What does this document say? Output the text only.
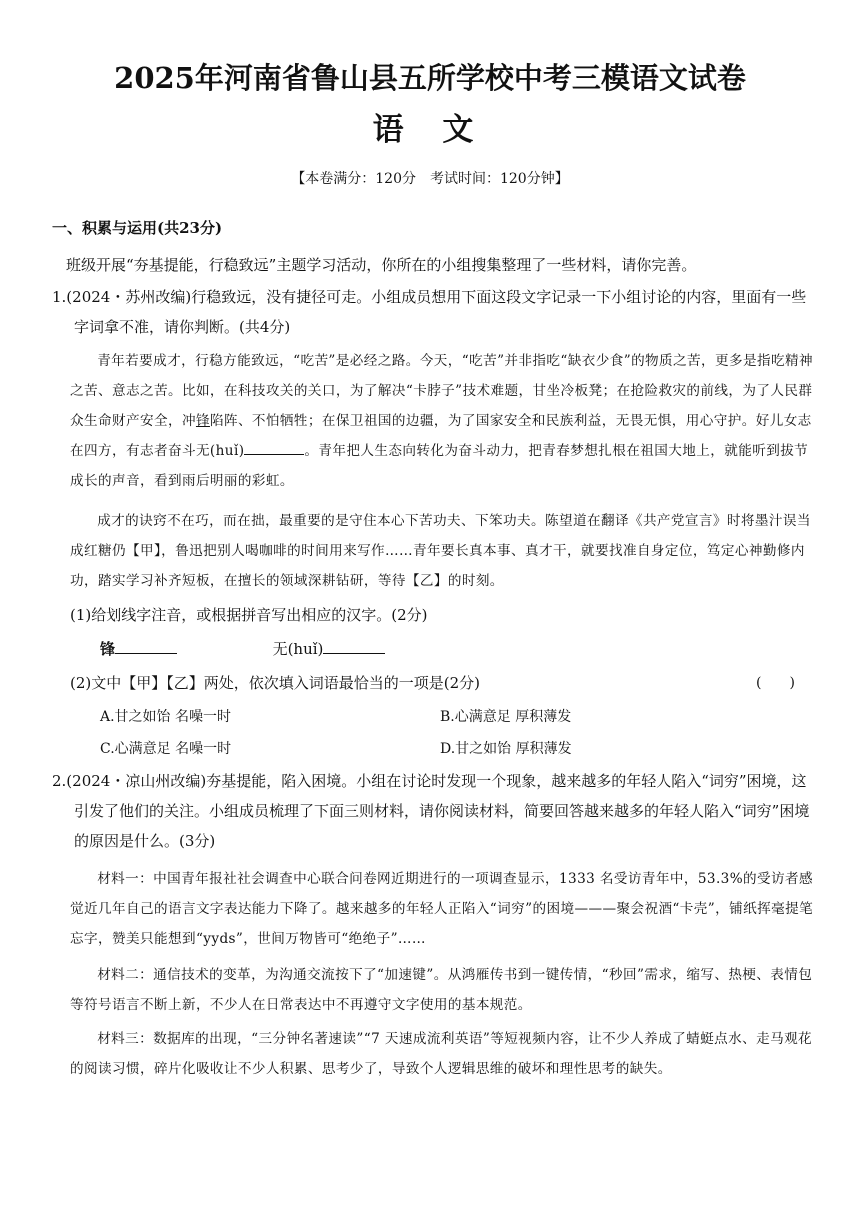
2025年河南省鲁山县五所学校中考三模语文试卷
语 文
【本卷满分：120分　考试时间：120分钟】
一、积累与运用(共23分)
班级开展“夯基提能，行稳致远”主题学习活动，你所在的小组搜集整理了一些材料，请你完善。
1.(2024・苏州改编)行稳致远，没有捷径可走。小组成员想用下面这段文字记录一下小组讨论的内容，里面有一些字词拿不准，请你判断。(共4分)
青年若要成才，行稳方能致远，“吃苦”是必经之路。今天，“吃苦”并非指吃“缺衣少食”的物质之苦，更多是指吃精神之苦、意志之苦。比如，在科技攻关的关口，为了解决“卡脖子”技术难题，甘坐冷板凳；在抢险救灾的前线，为了人民群众生命财产安全，冲锋陷阵、不怕牺牲；在保卫祖国的边疆，为了国家安全和民族利益，无畏无惧，用心守护。好儿女志在四方，有志者奋斗无(huǐ)	。青年把人生态向转化为奋斗动力，把青春梦想扎根在祖国大地上，就能听到拔节成长的声音，看到雨后明丽的彩虹。
成才的诀窍不在巧，而在拙，最重要的是守住本心下苦功夫、下笨功夫。陈望道在翻译《共产党宣言》时将墨汁误当成红糖仍【甲】，鲁迅把别人喝咖啡的时间用来写作……青年要长真本事、真才干，就要找准自身定位，笃定心神勤修内功，踏实学习补齐短板，在擅长的领域深耕钻研，等待【乙】的时刻。
(1)给划线字注音，或根据拼音写出相应的汉字。(2分)
锋	无(huǐ)
(2)文中【甲】【乙】两处，依次填入词语最恰当的一项是(2分)	(　　)
A.甘之如饴 名噪一时	B.心满意足 厚积薄发
C.心满意足 名噪一时	D.甘之如饴 厚积薄发
2.(2024・凉山州改编)夯基提能，陷入困境。小组在讨论时发现一个现象，越来越多的年轻人陷入“词穷”困境，这引发了他们的关注。小组成员梳理了下面三则材料，请你阅读材料，简要回答越来越多的年轻人陷入“词穷”困境的原因是什么。(3分)
材料一：中国青年报社社会调查中心联合问卷网近期进行的一项调查显示，1333 名受访青年中，53.3%的受访者感觉近几年自己的语言文字表达能力下降了。越来越多的年轻人正陷入“词穷”的困境———聚会祝酒“卡壳”，铺纸挥毫提笔忘字，赞美只能想到“yyds”，世间万物皆可“绝绝子”……
材料二：通信技术的变革，为沟通交流按下了“加速键”。从鸿雁传书到一键传情，“秒回”需求，缩写、热梗、表情包等符号语言不断上新，不少人在日常表达中不再遵守文字使用的基本规范。
材料三：数据库的出现，“三分钟名著速读”“7 天速成流利英语”等短视频内容，让不少人养成了蜻蜓点水、走马观花的阅读习惯，碎片化吸收让不少人积累、思考少了，导致个人逻辑思维的破坏和理性思考的缺失。
